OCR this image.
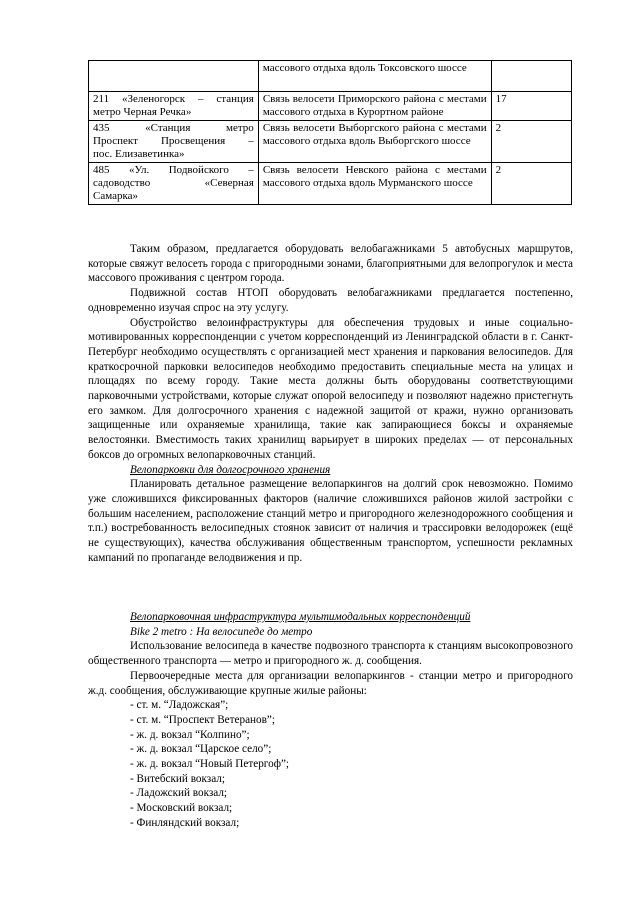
	массового отдыха вдоль Токсовского шоссе	

211 «Зеленогорск – станция
метро Черная Речка»	Связь велосети Приморского района с местами массового отдыха в Курортном районе	17

435 «Станция метро
Проспект Просвещения –
пос. Елизаветинка»	Связь велосети Выборгского района с местами массового отдыха вдоль Выборгского шоссе	2

485 «Ул. Подвойского –
садоводство «Северная
Самарка»	Связь велосети Невского района с местами массового отдыха вдоль Мурманского шоссе	2

Таким образом, предлагается оборудовать велобагажниками 5 автобусных маршрутов, которые свяжут велосеть города с пригородными зонами, благоприятными для велопрогулок и места массового проживания с центром города.

Подвижной состав НТОП оборудовать велобагажниками предлагается постепенно, одновременно изучая спрос на эту услугу.

Обустройство велоинфраструктуры для обеспечения трудовых и иные социально-мотивированных корреспонденции с учетом корреспонденций из Ленинградской области в г. Санкт-Петербург необходимо осуществлять с организацией мест хранения и паркования велосипедов. Для краткосрочной парковки велосипедов необходимо предоставить специальные места на улицах и площадях по всему городу. Такие места должны быть оборудованы соответствующими парковочными устройствами, которые служат опорой велосипеду и позволяют надежно пристегнуть его замком. Для долгосрочного хранения с надежной защитой от кражи, нужно организовать защищенные или охраняемые хранилища, такие как запирающиеся боксы и охраняемые велостоянки. Вместимость таких хранилищ варьирует в широких пределах — от персональных боксов до огромных велопарковочных станций.

Велопарковки для долгосрочного хранения

Планировать детальное размещение велопаркингов на долгий срок невозможно. Помимо уже сложившихся фиксированных факторов (наличие сложившихся районов жилой застройки с большим населением, расположение станций метро и пригородного железнодорожного сообщения и т.п.) востребованность велосипедных стоянок зависит от наличия и трассировки велодорожек (ещё не существующих), качества обслуживания общественным транспортом, успешности рекламных кампаний по пропаганде велодвижения и пр.

Велопарковочная инфраструктура мультимодальных корреспонденций

Bike 2 metro : На велосипеде до метро

Использование велосипеда в качестве подвозного транспорта к станциям высокопровозного общественного транспорта — метро и пригородного ж. д. сообщения.

Первоочередные места для организации велопаркингов - станции метро и пригородного ж.д. сообщения, обслуживающие крупные жилые районы:

- ст. м. “Ладожская”;
- ст. м. “Проспект Ветеранов”;
- ж. д. вокзал “Колпино”;
- ж. д. вокзал “Царское село”;
- ж. д. вокзал “Новый Петергоф”;
- Витебский вокзал;
- Ладожский вокзал;
- Московский вокзал;
- Финляндский вокзал;
